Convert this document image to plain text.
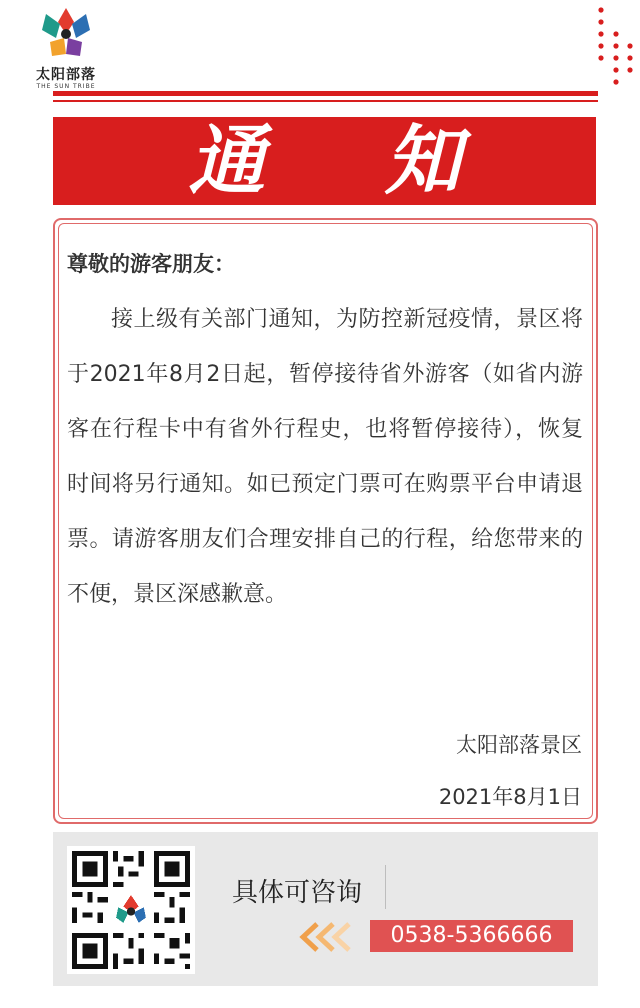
太阳部落
THE SUN TRIBE
通知
尊敬的游客朋友：

接上级有关部门通知，为防控新冠疫情，景区将于2021年8月2日起，暂停接待省外游客（如省内游客在行程卡中有省外行程史，也将暂停接待），恢复时间将另行通知。如已预定门票可在购票平台申请退票。请游客朋友们合理安排自己的行程，给您带来的不便，景区深感歉意。

太阳部落景区
2021年8月1日
具体可咨询
0538-5366666
